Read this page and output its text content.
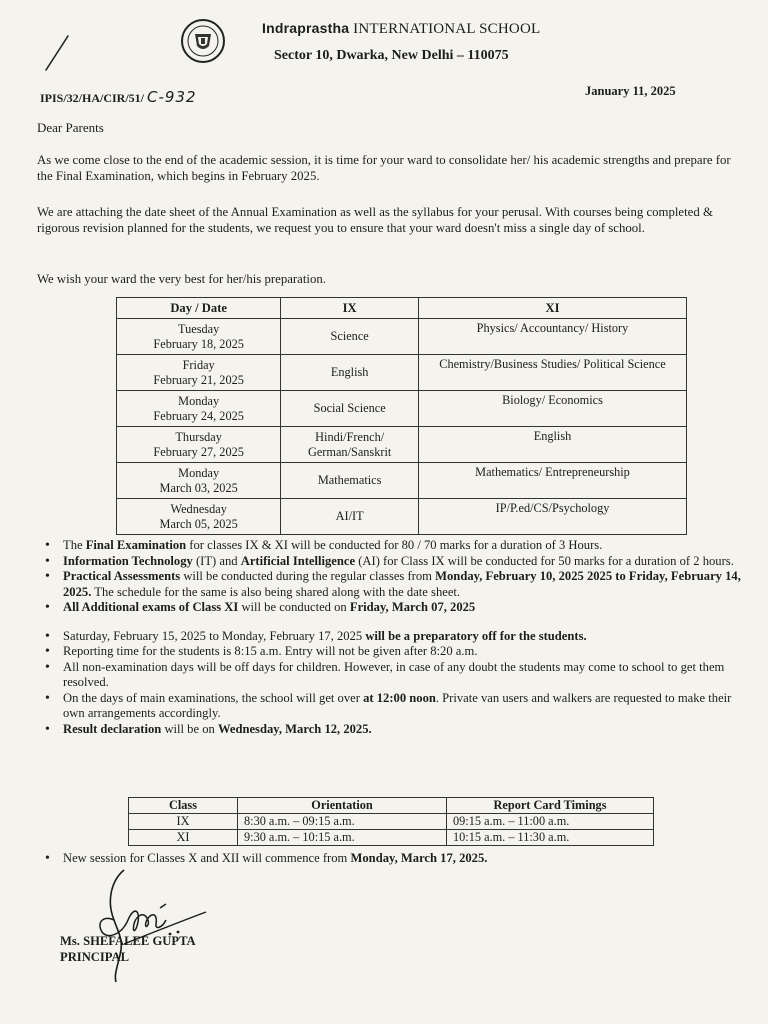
Indraprastha INTERNATIONAL SCHOOL
Sector 10, Dwarka, New Delhi – 110075
IPIS/32/HA/CIR/51/ C-932	January 11, 2025
Dear Parents
As we come close to the end of the academic session, it is time for your ward to consolidate her/ his academic strengths and prepare for the Final Examination, which begins in February 2025.
We are attaching the date sheet of the Annual Examination as well as the syllabus for your perusal. With courses being completed & rigorous revision planned for the students, we request you to ensure that your ward doesn't miss a single day of school.
We wish your ward the very best for her/his preparation.
Day / Date	IX	XI

Tuesday
February 18, 2025	Science	Physics/ Accountancy/ History

Friday
February 21, 2025	English	Chemistry/Business Studies/ Political Science

Monday
February 24, 2025	Social Science	Biology/ Economics

Thursday
February 27, 2025	Hindi/French/ German/Sanskrit	English

Monday
March 03, 2025	Mathematics	Mathematics/ Entrepreneurship

Wednesday
March 05, 2025	AI/IT	IP/P.ed/CS/Psychology
• The Final Examination for classes IX & XI will be conducted for 80 / 70 marks for a duration of 3 Hours.
• Information Technology (IT) and Artificial Intelligence (AI) for Class IX will be conducted for 50 marks for a duration of 2 hours.
• Practical Assessments will be conducted during the regular classes from Monday, February 10, 2025 2025 to Friday, February 14, 2025. The schedule for the same is also being shared along with the date sheet.
• All Additional exams of Class XI will be conducted on Friday, March 07, 2025
• Saturday, February 15, 2025 to Monday, February 17, 2025 will be a preparatory off for the students.
• Reporting time for the students is 8:15 a.m. Entry will not be given after 8:20 a.m.
• All non-examination days will be off days for children. However, in case of any doubt the students may come to school to get them resolved.
• On the days of main examinations, the school will get over at 12:00 noon. Private van users and walkers are requested to make their own arrangements accordingly.
• Result declaration will be on Wednesday, March 12, 2025.
Class	Orientation	Report Card Timings
IX	8:30 a.m. – 09:15 a.m.	09:15 a.m. – 11:00 a.m.
XI	9:30 a.m. – 10:15 a.m.	10:15 a.m. – 11:30 a.m.
• New session for Classes X and XII will commence from Monday, March 17, 2025.
Ms. SHEFALEE GUPTA
PRINCIPAL
